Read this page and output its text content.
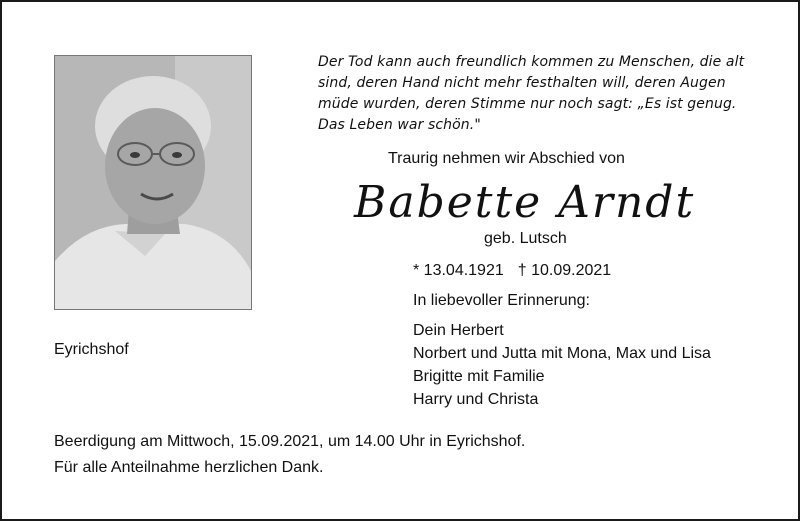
Der Tod kann auch freundlich kommen zu Menschen, die alt
sind, deren Hand nicht mehr festhalten will, deren Augen
müde wurden, deren Stimme nur noch sagt: „Es ist genug.
Das Leben war schön."
Traurig nehmen wir Abschied von
Babette Arndt
geb. Lutsch
* 13.04.1921 † 10.09.2021
Eyrichshof
In liebevoller Erinnerung:
Dein Herbert
Norbert und Jutta mit Mona, Max und Lisa
Brigitte mit Familie
Harry und Christa
Beerdigung am Mittwoch, 15.09.2021, um 14.00 Uhr in Eyrichshof.
Für alle Anteilnahme herzlichen Dank.
